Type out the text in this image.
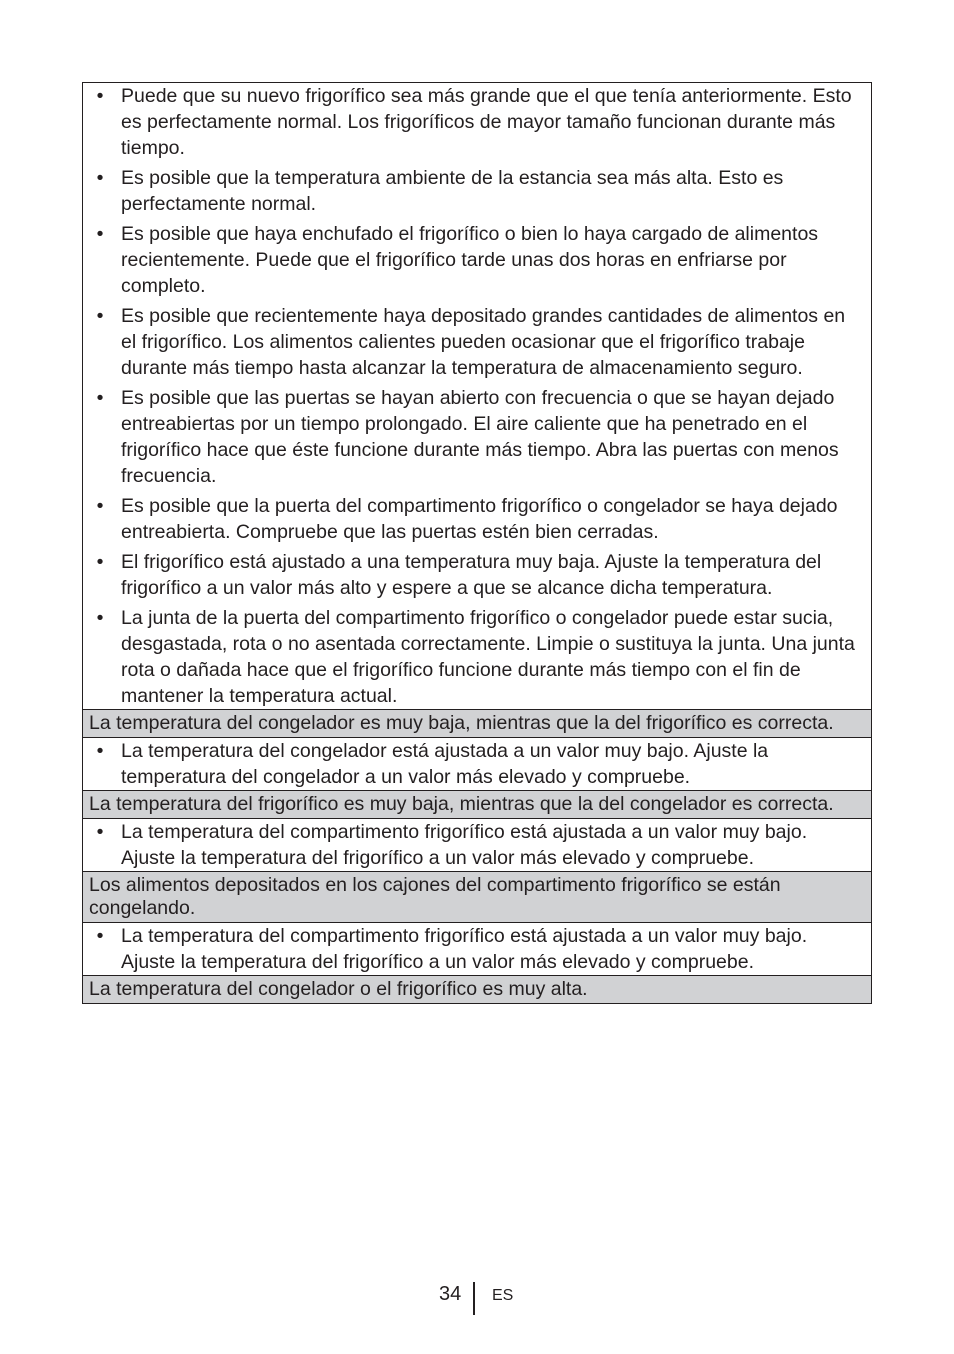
• Puede que su nuevo frigorífico sea más grande que el que tenía anteriormente. Esto es perfectamente normal. Los frigoríficos de mayor tamaño funcionan durante más tiempo.
• Es posible que la temperatura ambiente de la estancia sea más alta. Esto es perfectamente normal.
• Es posible que haya enchufado el frigorífico o bien lo haya cargado de alimentos recientemente. Puede que el frigorífico tarde unas dos horas en enfriarse por completo.
• Es posible que recientemente haya depositado grandes cantidades de alimentos en el frigorífico. Los alimentos calientes pueden ocasionar que el frigorífico trabaje durante más tiempo hasta alcanzar la temperatura de almacenamiento seguro.
• Es posible que las puertas se hayan abierto con frecuencia o que se hayan dejado entreabiertas por un tiempo prolongado. El aire caliente que ha penetrado en el frigorífico hace que éste funcione durante más tiempo. Abra las puertas con menos frecuencia.
• Es posible que la puerta del compartimento frigorífico o congelador se haya dejado entreabierta. Compruebe que las puertas estén bien cerradas.
• El frigorífico está ajustado a una temperatura muy baja. Ajuste la temperatura del frigorífico a un valor más alto y espere a que se alcance dicha temperatura.
• La junta de la puerta del compartimento frigorífico o congelador puede estar sucia, desgastada, rota o no asentada correctamente. Limpie o sustituya la junta. Una junta rota o dañada hace que el frigorífico funcione durante más tiempo con el fin de mantener la temperatura actual.
La temperatura del congelador es muy baja, mientras que la del frigorífico es correcta.
• La temperatura del congelador está ajustada a un valor muy bajo. Ajuste la temperatura del congelador a un valor más elevado y compruebe.
La temperatura del frigorífico es muy baja, mientras que la del congelador es correcta.
• La temperatura del compartimento frigorífico está ajustada a un valor muy bajo. Ajuste la temperatura del frigorífico a un valor más elevado y compruebe.
Los alimentos depositados en los cajones del compartimento frigorífico se están congelando.
• La temperatura del compartimento frigorífico está ajustada a un valor muy bajo. Ajuste la temperatura del frigorífico a un valor más elevado y compruebe.
La temperatura del congelador o el frigorífico es muy alta.
34 ES
